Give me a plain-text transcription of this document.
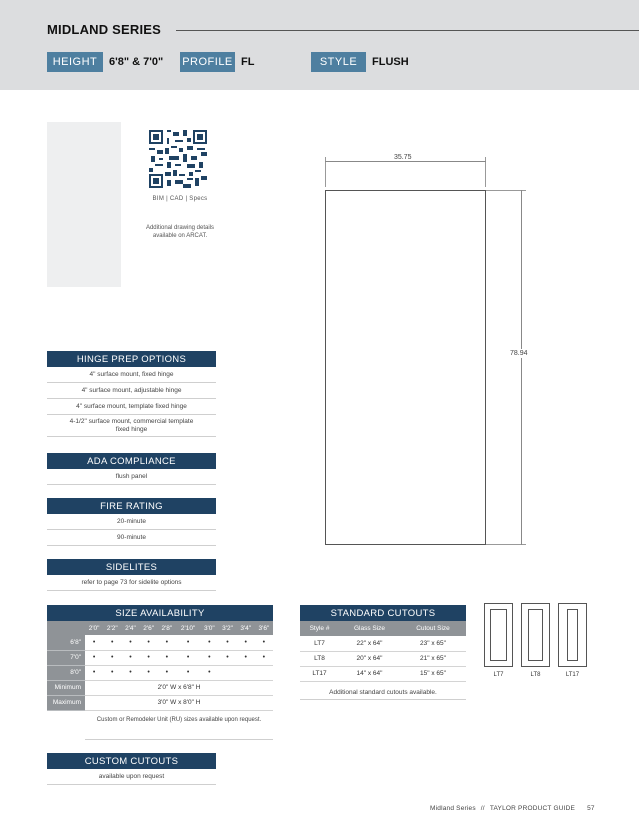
MIDLAND SERIES
HEIGHT	6'8" & 7'0" PROFILE FL	STYLE	FLUSH
BIM | CAD | Specs
Additional drawing details available on ARCAT.
35.75
78.94
HINGE PREP OPTIONS
4" surface mount, fixed hinge
4" surface mount, adjustable hinge
4" surface mount, template fixed hinge
4-1/2" surface mount, commercial template fixed hinge
ADA COMPLIANCE
flush panel
FIRE RATING
20-minute
90-minute
SIDELITES
refer to page 73 for sidelite options
SIZE AVAILABILITY										
	2'0"	2'2"	2'4"	2'6"	2'8"	2'10"	3'0"	3'2"	3'4"	3'6"
6'8"	•	•	•	•	•	•	•	•	•	•
7'0"	•	•	•	•	•	•	•	•	•	•
8'0"	•	•	•	•	•	•	•			
Minimum	2'0" W x 6'8" H									
Maximum	3'0" W x 8'0" H									
Custom or Remodeler Unit (RU) sizes available upon request.
CUSTOM CUTOUTS
available upon request
STANDARD CUTOUTS		
Style #	Glass Size	Cutout Size
LT7	22" x 64"	23" x 65"
LT8	20" x 64"	21" x 65"
LT17	14" x 64"	15" x 65"
Additional standard cutouts available.
LT7	LT8	LT17
Midland Series // TAYLOR PRODUCT GUIDE 57
